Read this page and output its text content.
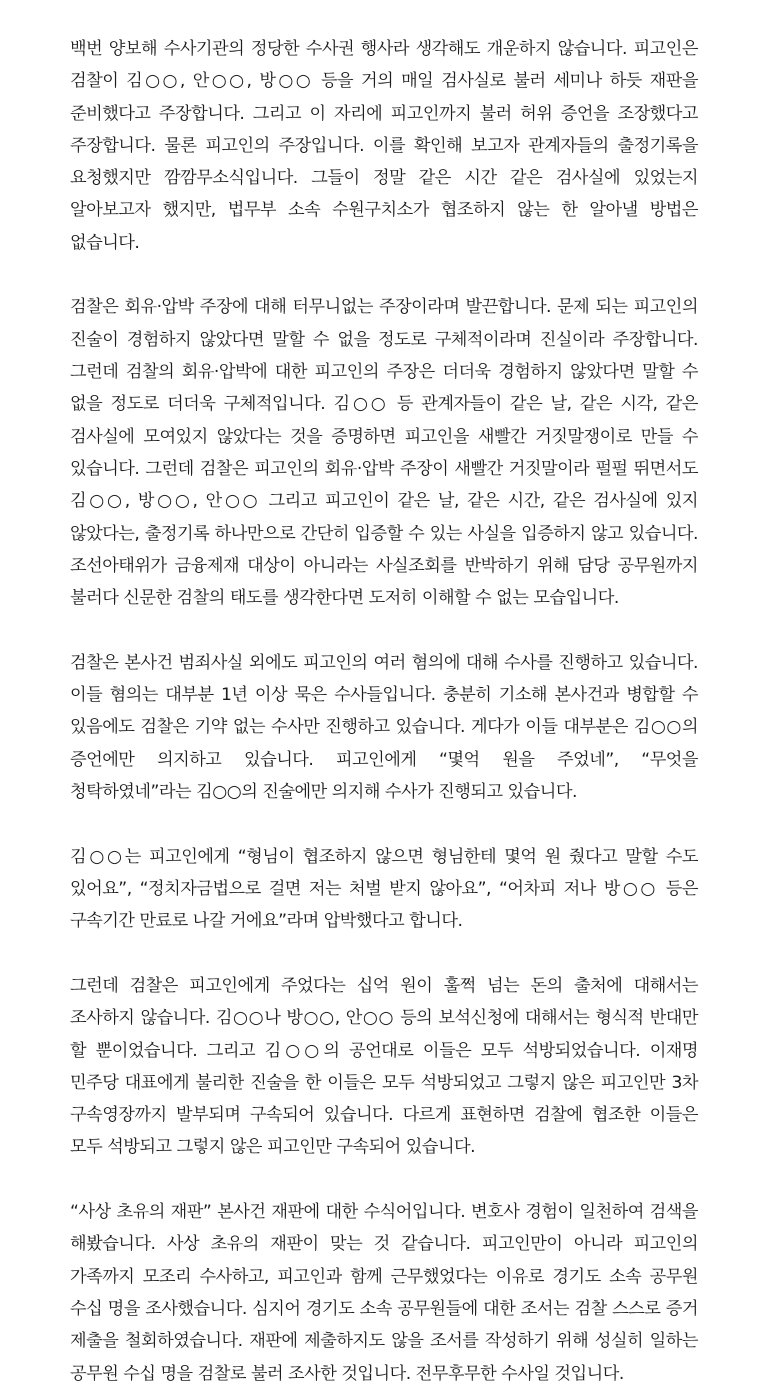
백번 양보해 수사기관의 정당한 수사권 행사라 생각해도 개운하지 않습니다. 피고인은 검찰이 김○○, 안○○, 방○○ 등을 거의 매일 검사실로 불러 세미나 하듯 재판을 준비했다고 주장합니다. 그리고 이 자리에 피고인까지 불러 허위 증언을 조장했다고 주장합니다. 물론 피고인의 주장입니다. 이를 확인해 보고자 관계자들의 출정기록을 요청했지만 깜깜무소식입니다. 그들이 정말 같은 시간 같은 검사실에 있었는지 알아보고자 했지만, 법무부 소속 수원구치소가 협조하지 않는 한 알아낼 방법은 없습니다.

검찰은 회유·압박 주장에 대해 터무니없는 주장이라며 발끈합니다. 문제 되는 피고인의 진술이 경험하지 않았다면 말할 수 없을 정도로 구체적이라며 진실이라 주장합니다. 그런데 검찰의 회유·압박에 대한 피고인의 주장은 더더욱 경험하지 않았다면 말할 수 없을 정도로 더더욱 구체적입니다. 김○○ 등 관계자들이 같은 날, 같은 시각, 같은 검사실에 모여있지 않았다는 것을 증명하면 피고인을 새빨간 거짓말쟁이로 만들 수 있습니다. 그런데 검찰은 피고인의 회유·압박 주장이 새빨간 거짓말이라 펄펄 뛰면서도 김○○, 방○○, 안○○ 그리고 피고인이 같은 날, 같은 시간, 같은 검사실에 있지 않았다는, 출정기록 하나만으로 간단히 입증할 수 있는 사실을 입증하지 않고 있습니다. 조선아태위가 금융제재 대상이 아니라는 사실조회를 반박하기 위해 담당 공무원까지 불러다 신문한 검찰의 태도를 생각한다면 도저히 이해할 수 없는 모습입니다.

검찰은 본사건 범죄사실 외에도 피고인의 여러 혐의에 대해 수사를 진행하고 있습니다. 이들 혐의는 대부분 1년 이상 묵은 수사들입니다. 충분히 기소해 본사건과 병합할 수 있음에도 검찰은 기약 없는 수사만 진행하고 있습니다. 게다가 이들 대부분은 김○○의 증언에만 의지하고 있습니다. 피고인에게 “몇억 원을 주었네”, “무엇을 청탁하였네”라는 김○○의 진술에만 의지해 수사가 진행되고 있습니다.

김○○는 피고인에게 “형님이 협조하지 않으면 형님한테 몇억 원 줬다고 말할 수도 있어요”, “정치자금법으로 걸면 저는 처벌 받지 않아요”, “어차피 저나 방○○ 등은 구속기간 만료로 나갈 거에요”라며 압박했다고 합니다.

그런데 검찰은 피고인에게 주었다는 십억 원이 훌쩍 넘는 돈의 출처에 대해서는 조사하지 않습니다. 김○○나 방○○, 안○○ 등의 보석신청에 대해서는 형식적 반대만 할 뿐이었습니다. 그리고 김○○의 공언대로 이들은 모두 석방되었습니다. 이재명 민주당 대표에게 불리한 진술을 한 이들은 모두 석방되었고 그렇지 않은 피고인만 3차 구속영장까지 발부되며 구속되어 있습니다. 다르게 표현하면 검찰에 협조한 이들은 모두 석방되고 그렇지 않은 피고인만 구속되어 있습니다.

“사상 초유의 재판” 본사건 재판에 대한 수식어입니다. 변호사 경험이 일천하여 검색을 해봤습니다. 사상 초유의 재판이 맞는 것 같습니다. 피고인만이 아니라 피고인의 가족까지 모조리 수사하고, 피고인과 함께 근무했었다는 이유로 경기도 소속 공무원 수십 명을 조사했습니다. 심지어 경기도 소속 공무원들에 대한 조서는 검찰 스스로 증거 제출을 철회하였습니다. 재판에 제출하지도 않을 조서를 작성하기 위해 성실히 일하는 공무원 수십 명을 검찰로 불러 조사한 것입니다. 전무후무한 수사일 것입니다.
